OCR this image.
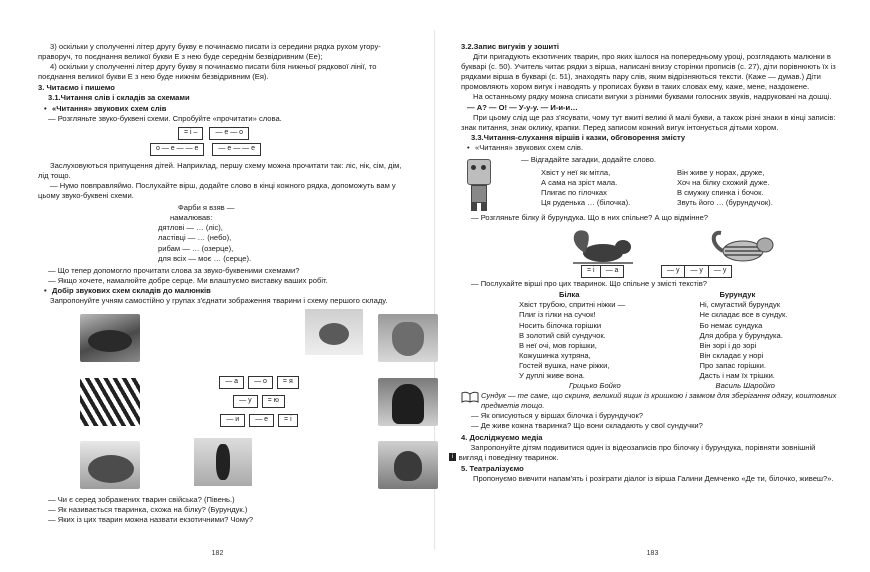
3) оскільки у сполученні літер другу букву е починаємо писати із середини рядка рухом угору-праворуч, то поєднання великої букви Е з нею буде середнім безвідривним (Ее);

4) оскільки у сполученні літер другу букву я починаємо писати біля нижньої рядкової лінії, то поєднання великої букви Е з нею буде нижнім безвідривним (Ея).

3. Читаємо і пишемо

3.1.Читання слів і складів за схемами

• «Читання» звукових схем слів

— Розгляньте звуко-буквені схеми. Спробуйте «прочитати» слова.

= і –	— е — о
о — е — — е	— е — — е

Заслуховуються припущення дітей. Наприклад, першу схему можна прочитати так: ліс, нік, сім, дім, лід тощо.

— Нумо повправляймо. Послухайте вірш, додайте слово в кінці кожного рядка, допоможуть вам у цьому звуко-буквені схеми.

Фарби я взяв —

намалював:

дятлові — … (ліс),

ластівці — … (небо),

рибам — … (озерце),

для всіх — моє … (серце).

— Що тепер допомогло прочитати слова за звуко-буквеними схемами?

— Якщо хочете, намалюйте добре серце. Ми влаштуємо виставку ваших робіт.

• Добір звукових схем складів до малюнків

Запропонуйте учням самостійно у групах з'єднати зображення тварини і схему першого складу.

— а	— о	= я
— у	= ю
— и	— е	= і

— Чи є серед зображених тварин свійська? (Півень.)

— Як називається тваринка, схожа на білку? (Бурундук.)

— Яких із цих тварин можна назвати екзотичними? Чому?

182

3.2.Запис вигуків у зошиті

Діти пригадують екзотичних тварин, про яких ішлося на попередньому уроці, розглядають малюнки в букварі (с. 50). Учитель читає рядки з вірша, написані внизу сторінки прописів (с. 27), діти порівнюють їх із рядками вірша в букварі (с. 51), знаходять пару слів, яким відрізняються тексти. (Каже — думав.) Діти промовляють хором вигук і наводять у прописах букви в таких словах ему, каже, мене, наздожене.

На останньому рядку можна списати вигуки з різними буквами голосних звуків, надруковані на дошці.

— А? — О! — У-у-у. — И-и-и…

При цьому слід ще раз з'ясувати, чому тут вжиті великі й малі букви, а також різні знаки в кінці записів: знак питання, знак оклику, крапки. Перед записом кожний вигук інтонується дітьми хором.

3.3.Читання-слухання віршів і казки, обговорення змісту

• «Читання» звукових схем слів.

— Відгадайте загадки, додайте слово.

Хвіст у неї як мітла,

А сама на зріст мала.

Плигає по гілочках

Ця руденька … (білочка).

Він живе у норах, друже,

Хоч на білку схожий дуже.

В смужку спинка і бочок.

Звуть його … (бурундучок).

— Розгляньте білку й бурундука. Що в них спільне? А що відмінне?

= і	— а	— у	— у	— у

— Послухайте вірші про цих тваринок. Що спільне у змісті текстів?

Білка

Хвіст трубою, спритні ніжки —

Плиг із гілки на сучок!

Носить білочка горішки

В золотий свій сундучок.

В неї очі, мов горішки,

Кожушинка хутряна,

Гостей вушка, наче ріжки,

У дуплі живе вона.

Грицько Бойко

Бурундук

Ні, смугастий бурундук

Не складає все в сундук.

Бо немає сундука

Для добра у бурундука.

Він зорі і до зорі

Він складає у норі

Про запас горішки.

Дасть і нам їх трішки.

Василь Шаройко

Сундук — те саме, що скриня, великий ящик із кришкою і замком для зберігання одягу, коштовних предметів тощо.

— Як описуються у віршах білочка і бурундучок?

— Де живе кожна тваринка? Що вони складають у свої сундучки?

4. Досліджуємо медіа

i

Запропонуйте дітям подивитися один із відеозаписів про білочку і бурундука, порівняти зовнішній вигляд і поведінку тваринок.

5. Театралізуємо

Пропонуємо вивчити напам'ять і розіграти діалог із вірша Галини Демченко «Де ти, білочко, живеш?».

183
